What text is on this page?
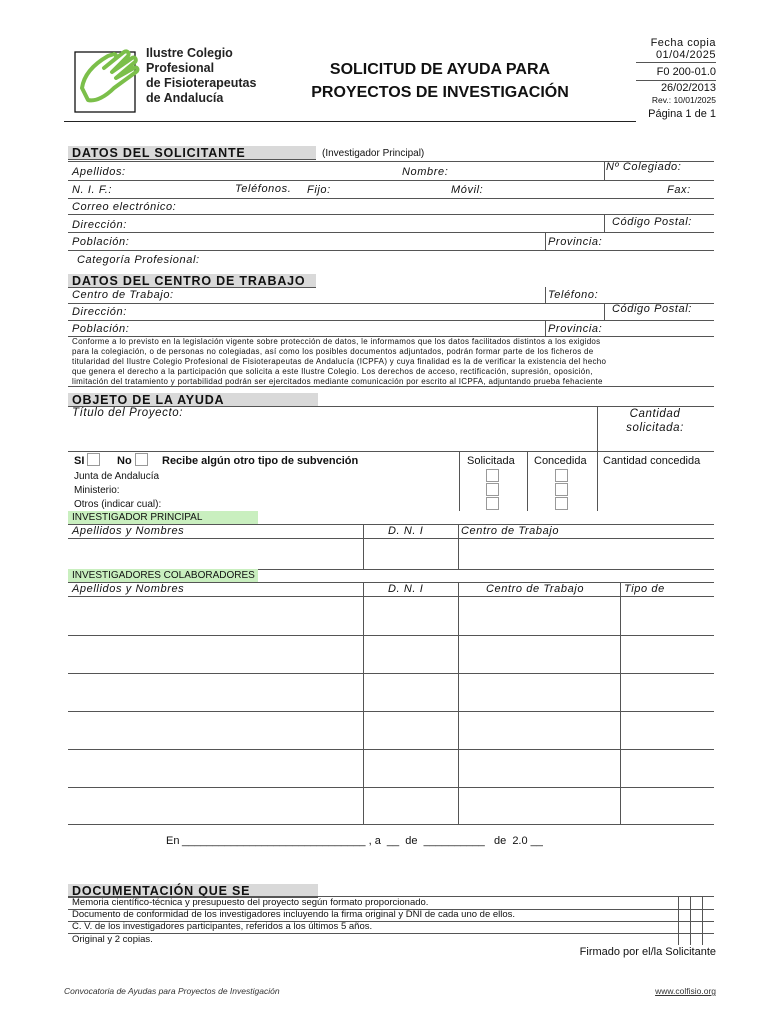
Ilustre Colegio
Profesional
de Fisioterapeutas
de Andalucía
SOLICITUD DE AYUDA PARA
PROYECTOS DE INVESTIGACIÓN
Fecha copia
01/04/2025
F0 200-01.0
26/02/2013
Rev.: 10/01/2025
Página 1 de 1
DATOS DEL SOLICITANTE	(Investigador Principal)
Apellidos:	Nombre:	Nº Colegiado:
N. I. F.:	Teléfonos. Fijo:	Móvil:	Fax:
Correo electrónico:
Dirección:	Código Postal:
Población:	Provincia:
Categoría Profesional:
DATOS DEL CENTRO DE TRABAJO
Centro de Trabajo:	Teléfono:
Dirección:	Código Postal:
Población:	Provincia:
Conforme a lo previsto en la legislación vigente sobre protección de datos, le informamos que los datos facilitados distintos a los exigidos
para la colegiación, o de personas no colegiadas, así como los posibles documentos adjuntados, podrán formar parte de los ficheros de
titularidad del Ilustre Colegio Profesional de Fisioterapeutas de Andalucía (ICPFA) y cuya finalidad es la de verificar la existencia del hecho
que genera el derecho a la participación que solicita a este Ilustre Colegio. Los derechos de acceso, rectificación, supresión, oposición,
limitación del tratamiento y portabilidad podrán ser ejercitados mediante comunicación por escrito al ICPFA, adjuntando prueba fehaciente
OBJETO DE LA AYUDA
Título del Proyecto:	Cantidad
solicitada:
SI	No	Recibe algún otro tipo de subvención	Solicitada Concedida Cantidad concedida
Junta de Andalucía
Ministerio:
Otros (indicar cual):
INVESTIGADOR PRINCIPAL
Apellidos y Nombres	D. N. I	Centro de Trabajo
INVESTIGADORES COLABORADORES
Apellidos y Nombres	D. N. I	Centro de Trabajo	Tipo de
En ______________________________ , a  __  de  __________   de  2.0 __
DOCUMENTACIÓN QUE SE
Memoria científico-técnica y presupuesto del proyecto según formato proporcionado.
Documento de conformidad de los investigadores incluyendo la firma original y DNI de cada uno de ellos.
C. V. de los investigadores participantes, referidos a los últimos 5 años.
Original y 2 copias.
Firmado por el/la Solicitante
Convocatoria de Ayudas para Proyectos de Investigación	www.colfisio.org
